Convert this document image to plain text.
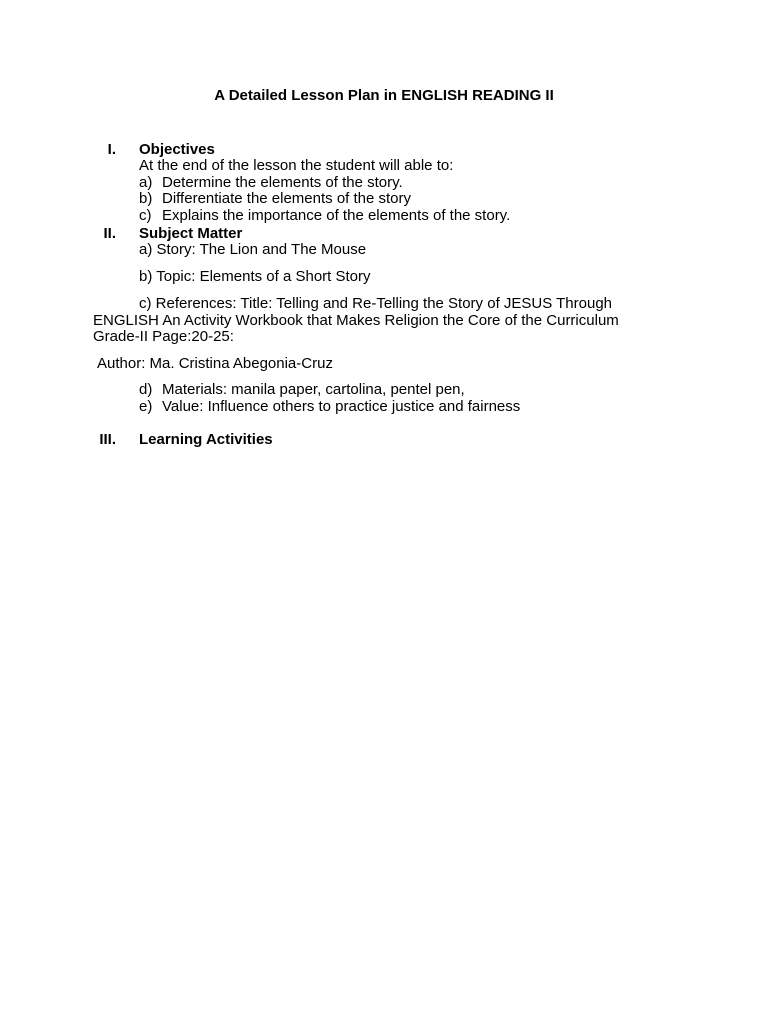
A Detailed Lesson Plan in ENGLISH READING II
I. Objectives
At the end of the lesson the student will able to:
a) Determine the elements of the story.
b) Differentiate the elements of the story
c) Explains the importance of the elements of the story.
II. Subject Matter
a) Story: The Lion and The Mouse
b) Topic: Elements of a Short Story
c) References: Title: Telling and Re-Telling the Story of JESUS Through
ENGLISH An Activity Workbook that Makes Religion the Core of the Curriculum
Grade-II Page:20-25:
Author: Ma. Cristina Abegonia-Cruz
d) Materials: manila paper, cartolina, pentel pen,
e) Value: Influence others to practice justice and fairness
III. Learning Activities
